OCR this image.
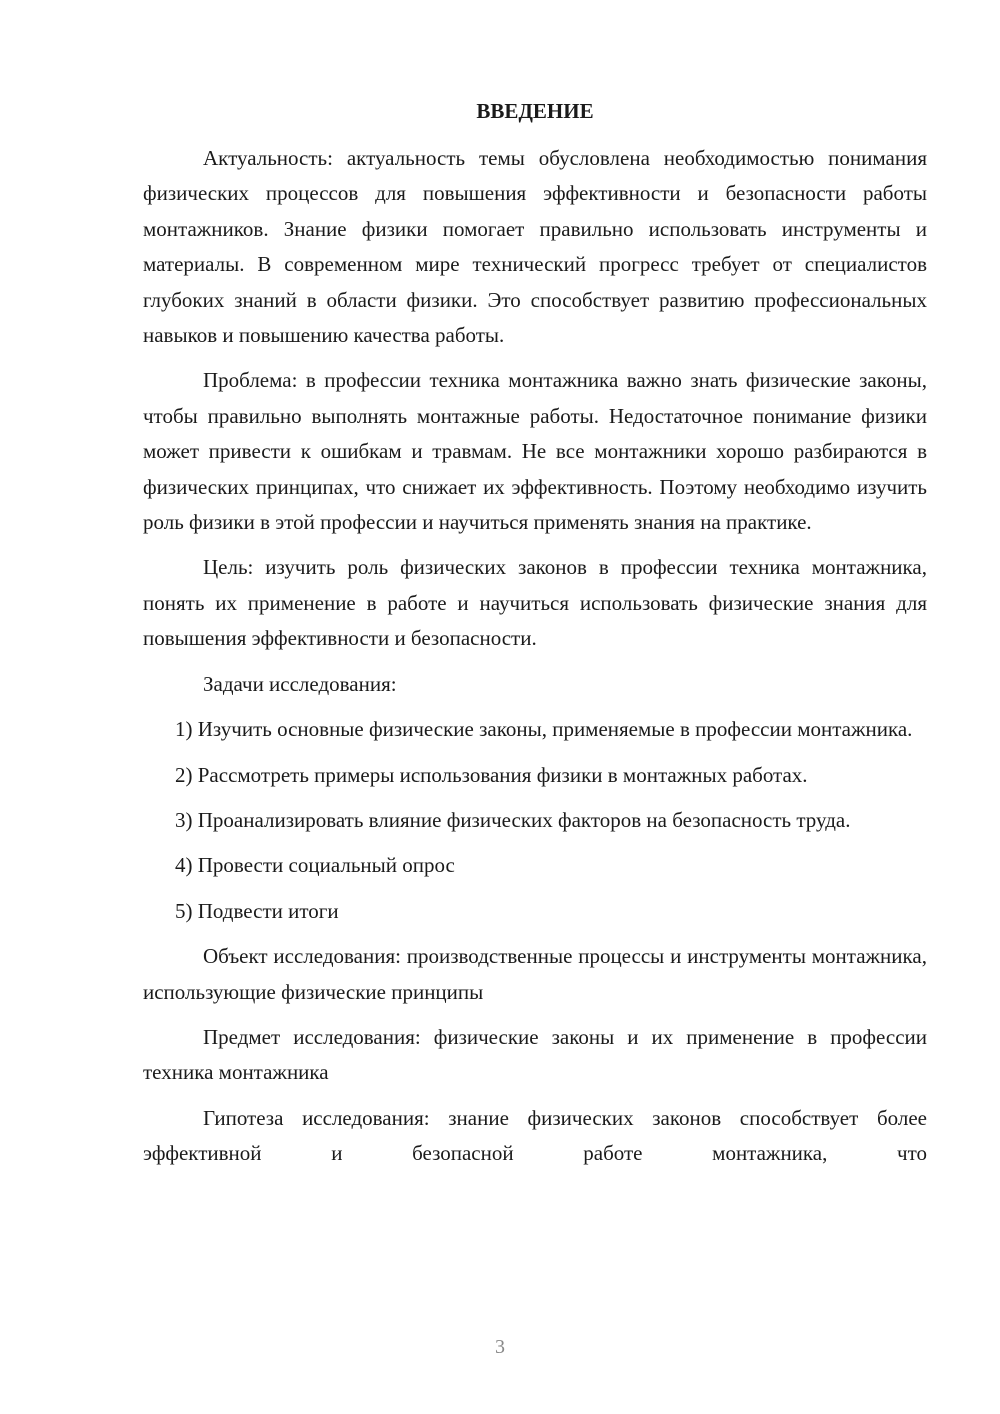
ВВЕДЕНИЕ

Актуальность: актуальность темы обусловлена необходимостью понимания физических процессов для повышения эффективности и безопасности работы монтажников. Знание физики помогает правильно использовать инструменты и материалы. В современном мире технический прогресс требует от специалистов глубоких знаний в области физики. Это способствует развитию профессиональных навыков и повышению качества работы.

Проблема: в профессии техника монтажника важно знать физические законы, чтобы правильно выполнять монтажные работы. Недостаточное понимание физики может привести к ошибкам и травмам. Не все монтажники хорошо разбираются в физических принципах, что снижает их эффективность. Поэтому необходимо изучить роль физики в этой профессии и научиться применять знания на практике.

Цель: изучить роль физических законов в профессии техника монтажника, понять их применение в работе и научиться использовать физические знания для повышения эффективности и безопасности.

Задачи исследования:

1) Изучить основные физические законы, применяемые в профессии монтажника.

2) Рассмотреть примеры использования физики в монтажных работах.

3) Проанализировать влияние физических факторов на безопасность труда.

4) Провести социальный опрос

5) Подвести итоги

Объект исследования: производственные процессы и инструменты монтажника, использующие физические принципы

Предмет исследования: физические законы и их применение в профессии техника монтажника

Гипотеза исследования: знание физических законов способствует более эффективной и безопасной работе монтажника, что

3
